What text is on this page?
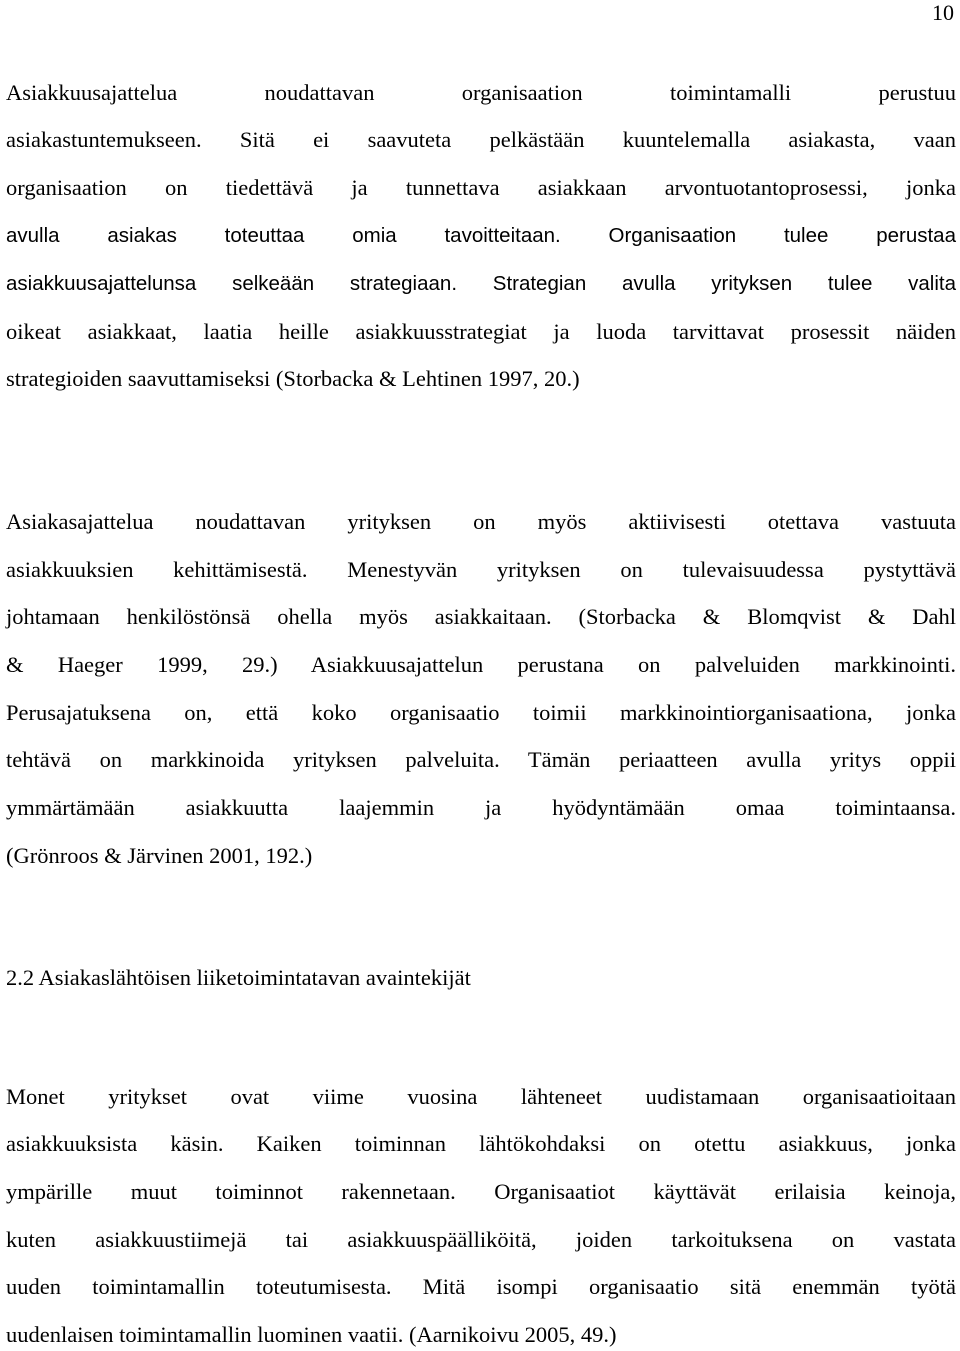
10
Asiakkuusajattelua noudattavan organisaation toimintamalli perustuu
asiakastuntemukseen. Sitä ei saavuteta pelkästään kuuntelemalla asiakasta, vaan
organisaation on tiedettävä ja tunnettava asiakkaan arvontuotantoprosessi, jonka
avulla asiakas toteuttaa omia tavoitteitaan. Organisaation tulee perustaa
asiakkuusajattelunsa selkeään strategiaan. Strategian avulla yrityksen tulee valita
oikeat asiakkaat, laatia heille asiakkuusstrategiat ja luoda tarvittavat prosessit näiden
strategioiden saavuttamiseksi (Storbacka & Lehtinen 1997, 20.)
Asiakasajattelua noudattavan yrityksen on myös aktiivisesti otettava vastuuta
asiakkuuksien kehittämisestä. Menestyvän yrityksen on tulevaisuudessa pystyttävä
johtamaan henkilöstönsä ohella myös asiakkaitaan. (Storbacka & Blomqvist & Dahl
& Haeger 1999, 29.) Asiakkuusajattelun perustana on palveluiden markkinointi.
Perusajatuksena on, että koko organisaatio toimii markkinointiorganisaationa, jonka
tehtävä on markkinoida yrityksen palveluita. Tämän periaatteen avulla yritys oppii
ymmärtämään asiakkuutta laajemmin ja hyödyntämään omaa toimintaansa.
(Grönroos & Järvinen 2001, 192.)
2.2 Asiakaslähtöisen liiketoimintatavan avaintekijät
Monet yritykset ovat viime vuosina lähteneet uudistamaan organisaatioitaan
asiakkuuksista käsin. Kaiken toiminnan lähtökohdaksi on otettu asiakkuus, jonka
ympärille muut toiminnot rakennetaan. Organisaatiot käyttävät erilaisia keinoja,
kuten asiakkuustiimejä tai asiakkuuspäälliköitä, joiden tarkoituksena on vastata
uuden toimintamallin toteutumisesta. Mitä isompi organisaatio sitä enemmän työtä
uudenlaisen toimintamallin luominen vaatii. (Aarnikoivu 2005, 49.)
